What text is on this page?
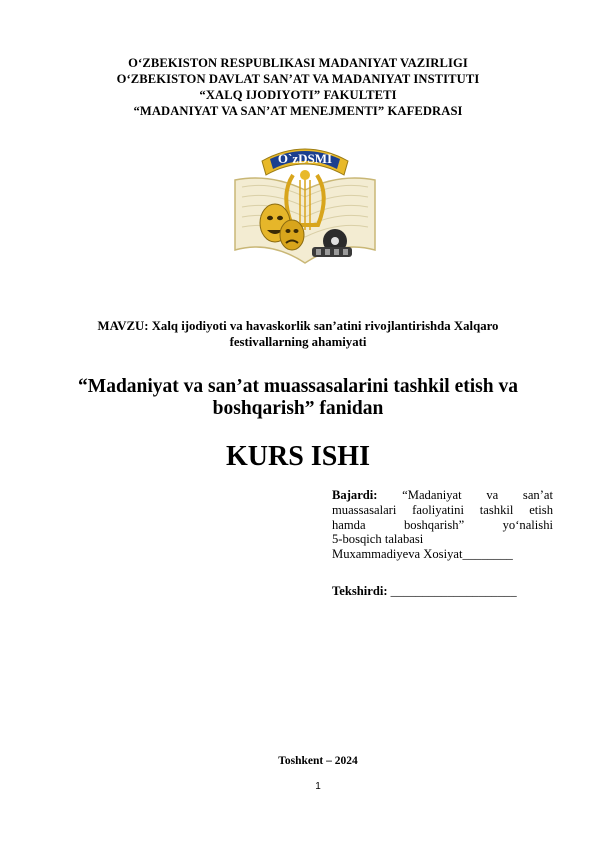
O‘ZBEKISTON RESPUBLIKASI MADANIYAT VAZIRLIGI
O‘ZBEKISTON DAVLAT SAN’AT VA MADANIYAT INSTITUTI
“XALQ IJODIYOTI” FAKULTETI
“MADANIYAT VA SAN’AT MENEJMENTI” KAFEDRASI
O`zDSMI
MAVZU: Xalq ijodiyoti va havaskorlik san’atini rivojlantirishda Xalqaro
festivallarning ahamiyati
“Madaniyat va san’at muassasalarini tashkil etish va
boshqarish” fanidan
KURS ISHI
Bajardi: “Madaniyat va san’at
muassasalari faoliyatini tashkil etish
hamda boshqarish” yo‘nalishi
5-bosqich talabasi
Muxammadiyeva Xosiyat________
Tekshirdi: ____________________
Toshkent – 2024
1
